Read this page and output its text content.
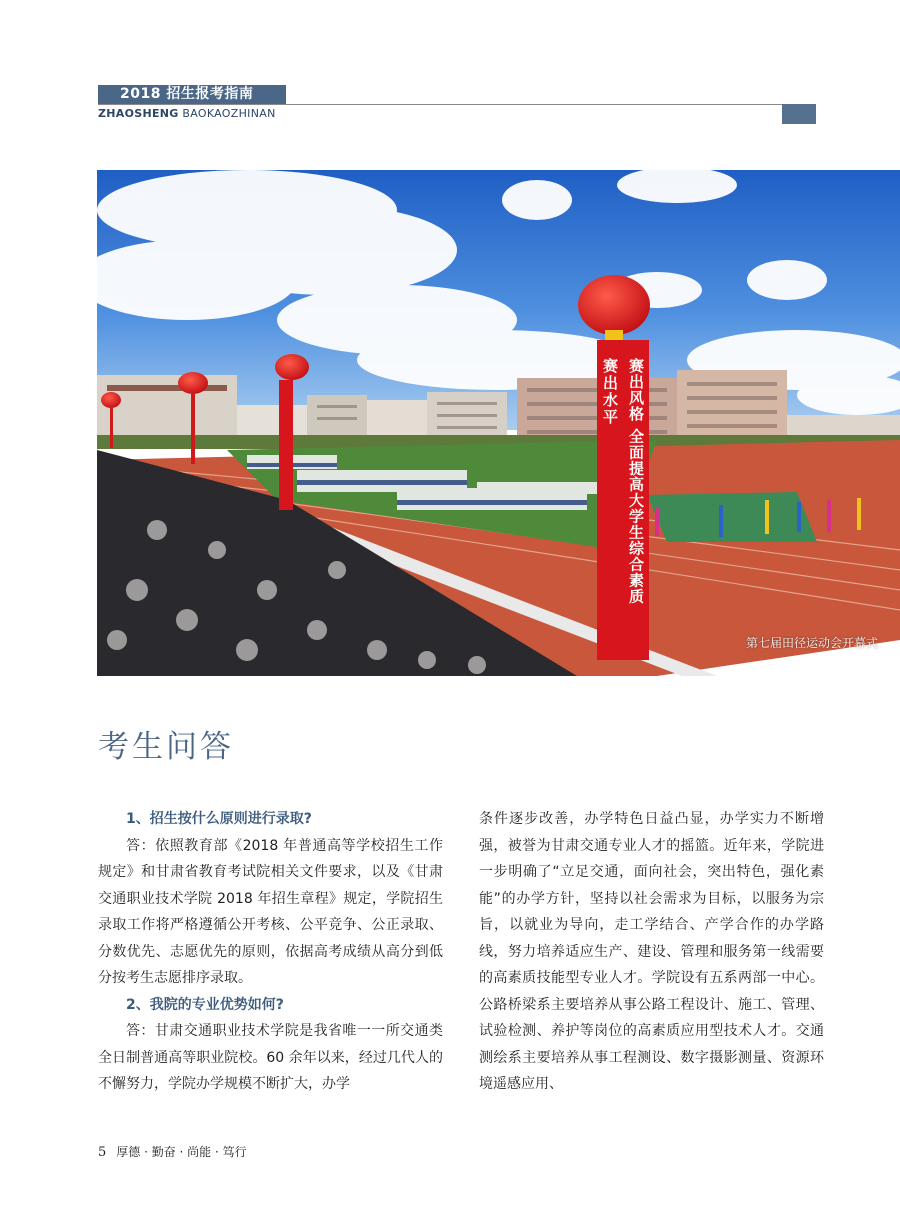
2018 招生报考指南
ZHAOSHENG BAOKAOZHINAN
赛出水平 赛出风格 全面提高大学生综合素质
第七届田径运动会开幕式
考生问答

1、招生按什么原则进行录取?

答：依照教育部《2018 年普通高等学校招生工作规定》和甘肃省教育考试院相关文件要求，以及《甘肃交通职业技术学院 2018 年招生章程》规定，学院招生录取工作将严格遵循公开考核、公平竞争、公正录取、分数优先、志愿优先的原则，依据高考成绩从高分到低分按考生志愿排序录取。

2、我院的专业优势如何?

答：甘肃交通职业技术学院是我省唯一一所交通类全日制普通高等职业院校。60 余年以来，经过几代人的不懈努力，学院办学规模不断扩大，办学

条件逐步改善，办学特色日益凸显，办学实力不断增强，被誉为甘肃交通专业人才的摇篮。近年来，学院进一步明确了“立足交通，面向社会，突出特色，强化素能”的办学方针，坚持以社会需求为目标，以服务为宗旨，以就业为导向，走工学结合、产学合作的办学路线，努力培养适应生产、建设、管理和服务第一线需要的高素质技能型专业人才。学院设有五系两部一中心。公路桥梁系主要培养从事公路工程设计、施工、管理、试验检测、养护等岗位的高素质应用型技术人才。交通测绘系主要培养从事工程测设、数字摄影测量、资源环境遥感应用、

5 厚德 · 勤奋 · 尚能 · 笃行
